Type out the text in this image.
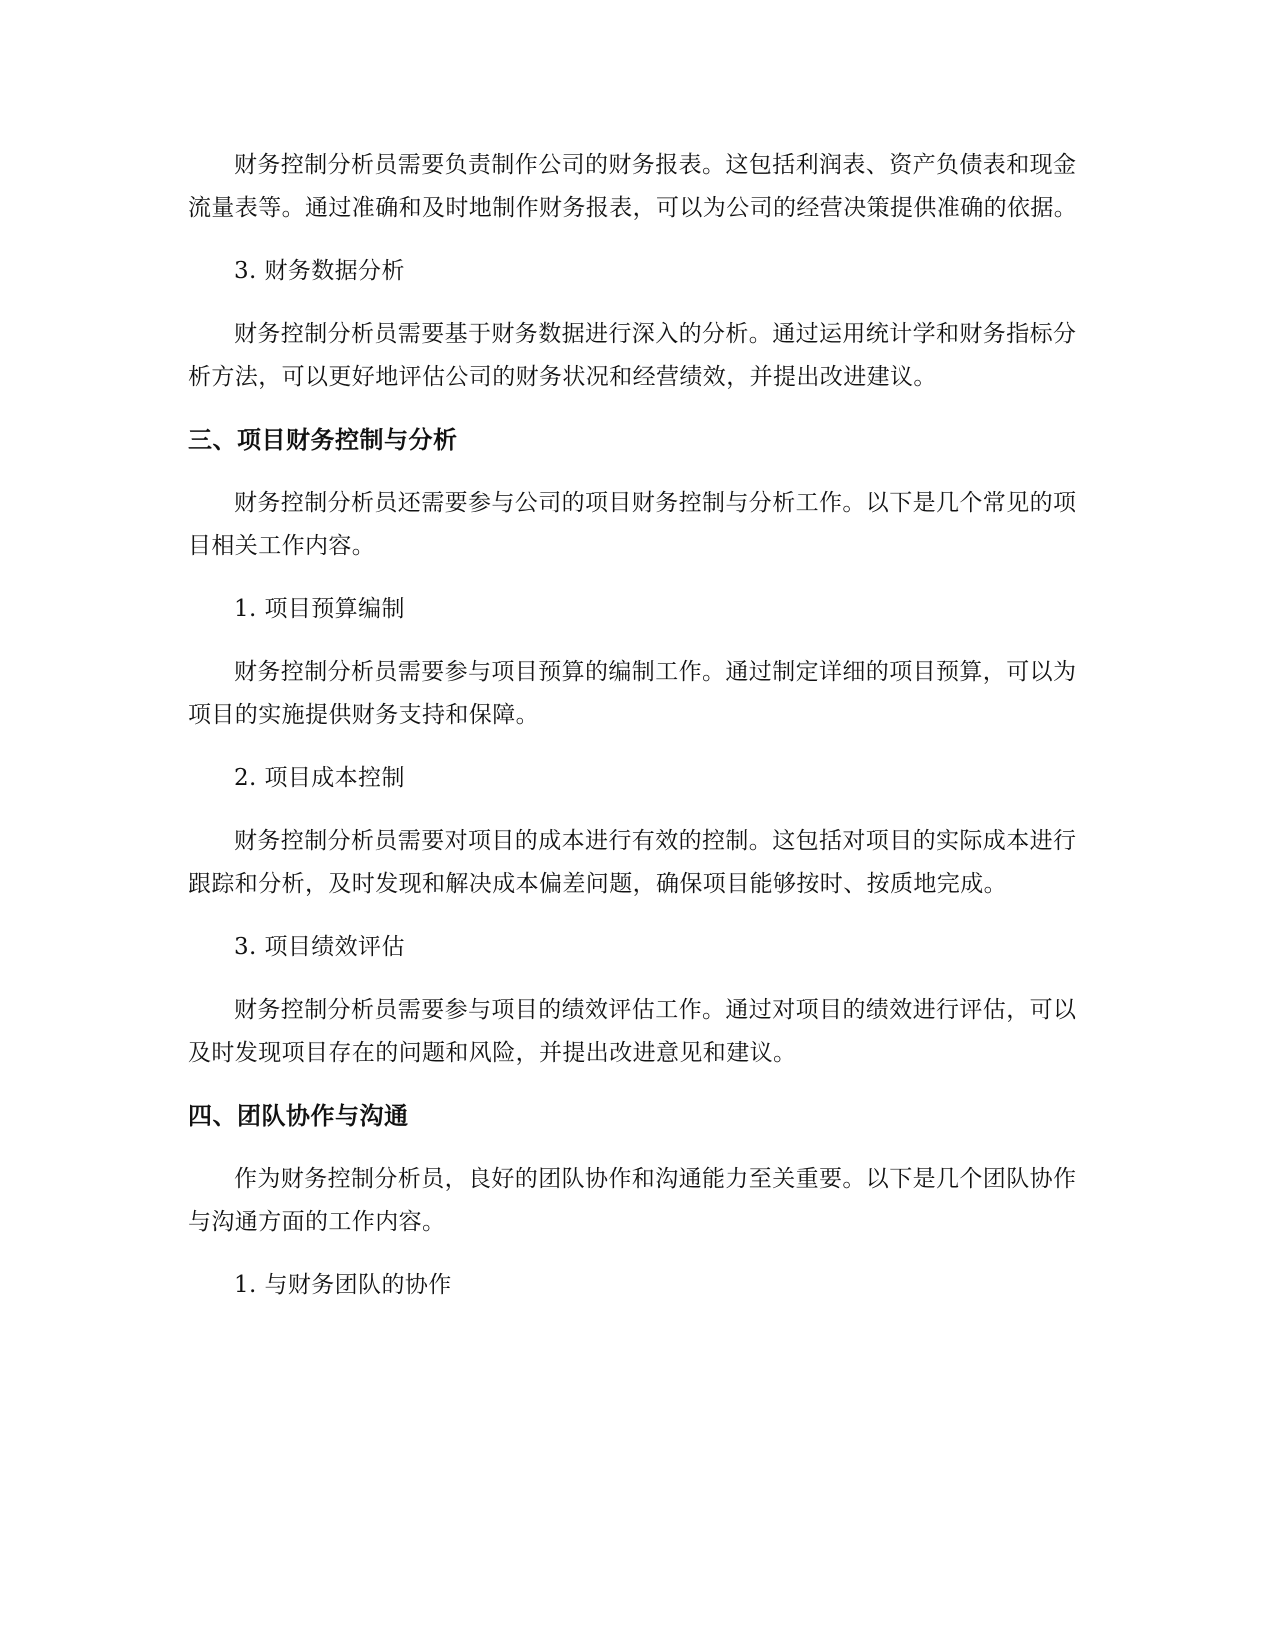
财务控制分析员需要负责制作公司的财务报表。这包括利润表、资产负债表和现金流量表等。通过准确和及时地制作财务报表，可以为公司的经营决策提供准确的依据。

3. 财务数据分析

财务控制分析员需要基于财务数据进行深入的分析。通过运用统计学和财务指标分析方法，可以更好地评估公司的财务状况和经营绩效，并提出改进建议。

三、项目财务控制与分析

财务控制分析员还需要参与公司的项目财务控制与分析工作。以下是几个常见的项目相关工作内容。

1. 项目预算编制

财务控制分析员需要参与项目预算的编制工作。通过制定详细的项目预算，可以为项目的实施提供财务支持和保障。

2. 项目成本控制

财务控制分析员需要对项目的成本进行有效的控制。这包括对项目的实际成本进行跟踪和分析，及时发现和解决成本偏差问题，确保项目能够按时、按质地完成。

3. 项目绩效评估

财务控制分析员需要参与项目的绩效评估工作。通过对项目的绩效进行评估，可以及时发现项目存在的问题和风险，并提出改进意见和建议。

四、团队协作与沟通

作为财务控制分析员，良好的团队协作和沟通能力至关重要。以下是几个团队协作与沟通方面的工作内容。

1. 与财务团队的协作
